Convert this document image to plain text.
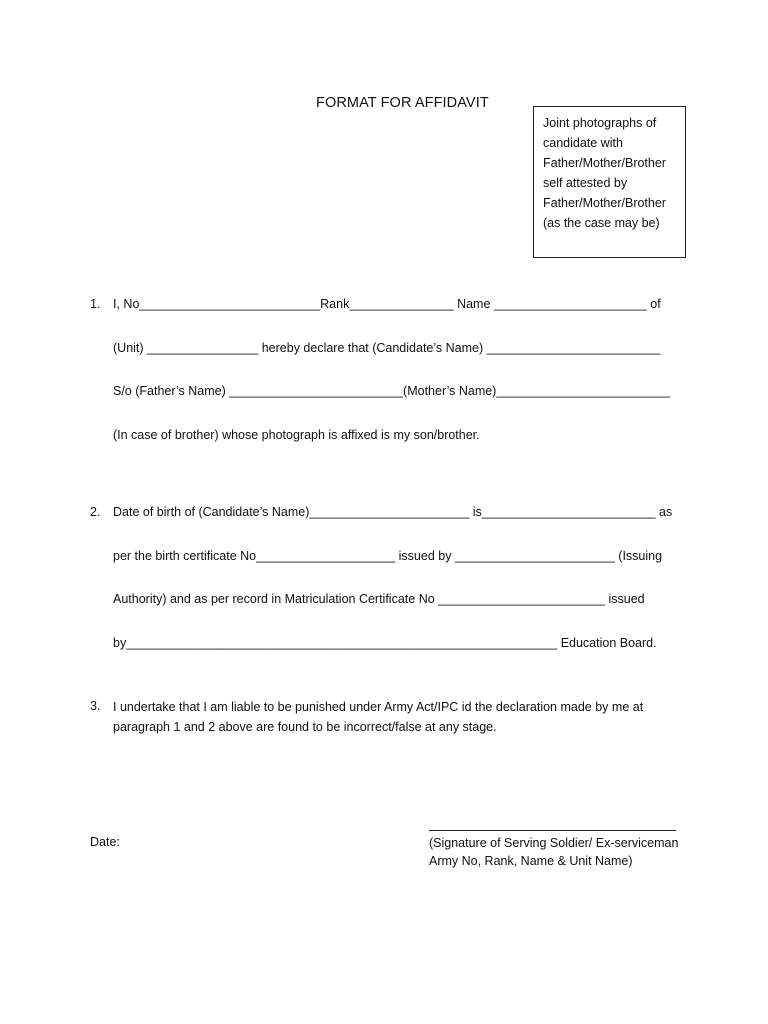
FORMAT FOR AFFIDAVIT
Joint photographs of
candidate with
Father/Mother/Brother
self attested by
Father/Mother/Brother
(as the case may be)
1. I, No__________________________Rank_______________ Name ______________________ of
(Unit) ________________ hereby declare that (Candidate’s Name) _________________________
S/o (Father’s Name) _________________________(Mother’s Name)_________________________
(In case of brother) whose photograph is affixed is my son/brother.
2. Date of birth of (Candidate’s Name)_______________________ is_________________________ as
per the birth certificate No____________________ issued by _______________________ (Issuing
Authority) and as per record in Matriculation Certificate No ________________________ issued
by______________________________________________________________ Education Board.
3. I undertake that I am liable to be punished under Army Act/IPC id the declaration made by me at
paragraph 1 and 2 above are found to be incorrect/false at any stage.
Date:	(Signature of Serving Soldier/ Ex-serviceman
Army No, Rank, Name & Unit Name)
